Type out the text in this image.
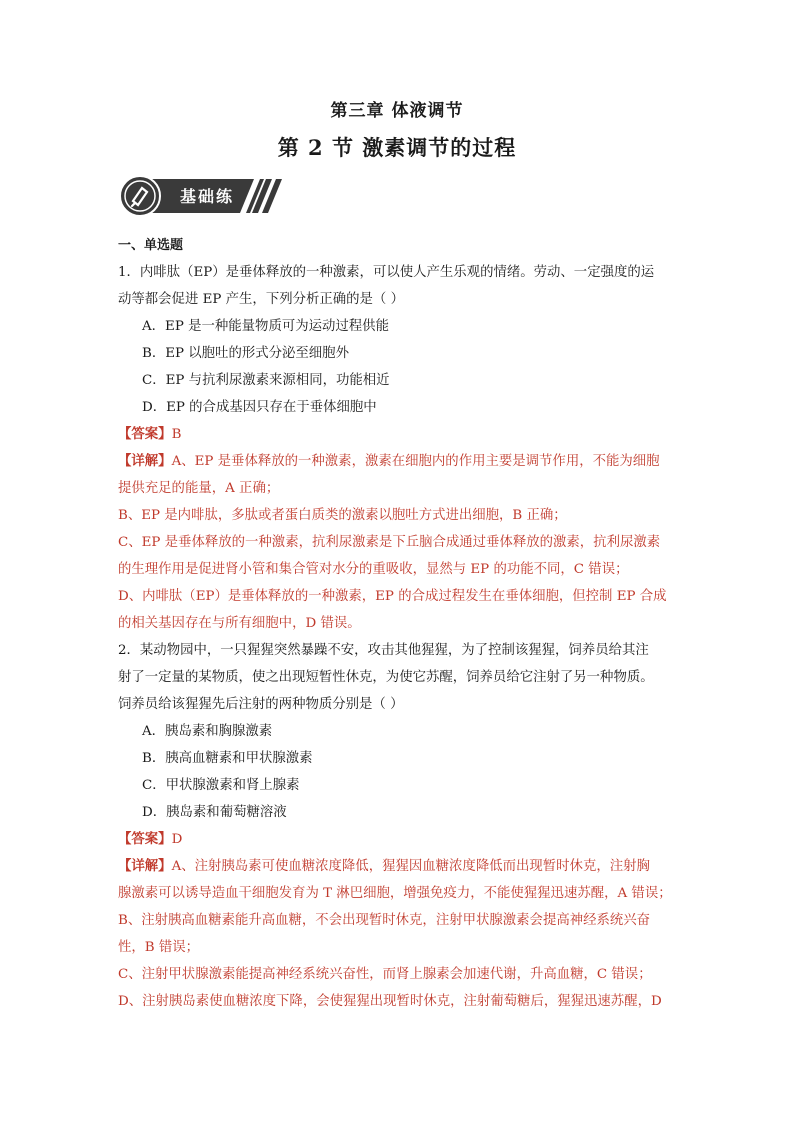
第三章 体液调节
第 2 节 激素调节的过程
基础练
一、单选题
1．内啡肽（EP）是垂体释放的一种激素，可以使人产生乐观的情绪。劳动、一定强度的运
动等都会促进 EP 产生，下列分析正确的是（ ）
A．EP 是一种能量物质可为运动过程供能
B．EP 以胞吐的形式分泌至细胞外
C．EP 与抗利尿激素来源相同，功能相近
D．EP 的合成基因只存在于垂体细胞中
【答案】B
【详解】A、EP 是垂体释放的一种激素，激素在细胞内的作用主要是调节作用，不能为细胞
提供充足的能量，A 正确；
B、EP 是内啡肽，多肽或者蛋白质类的激素以胞吐方式进出细胞，B 正确；
C、EP 是垂体释放的一种激素，抗利尿激素是下丘脑合成通过垂体释放的激素，抗利尿激素
的生理作用是促进肾小管和集合管对水分的重吸收，显然与 EP 的功能不同，C 错误；
D、内啡肽（EP）是垂体释放的一种激素，EP 的合成过程发生在垂体细胞，但控制 EP 合成
的相关基因存在与所有细胞中，D 错误。
2．某动物园中，一只猩猩突然暴躁不安，攻击其他猩猩，为了控制该猩猩，饲养员给其注
射了一定量的某物质，使之出现短暂性休克，为使它苏醒，饲养员给它注射了另一种物质。
饲养员给该猩猩先后注射的两种物质分别是（ ）
A．胰岛素和胸腺激素
B．胰高血糖素和甲状腺激素
C．甲状腺激素和肾上腺素
D．胰岛素和葡萄糖溶液
【答案】D
【详解】A、注射胰岛素可使血糖浓度降低，猩猩因血糖浓度降低而出现暂时休克，注射胸
腺激素可以诱导造血干细胞发育为 T 淋巴细胞，增强免疫力，不能使猩猩迅速苏醒，A 错误；
B、注射胰高血糖素能升高血糖，不会出现暂时休克，注射甲状腺激素会提高神经系统兴奋
性，B 错误；
C、注射甲状腺激素能提高神经系统兴奋性，而肾上腺素会加速代谢，升高血糖，C 错误；
D、注射胰岛素使血糖浓度下降，会使猩猩出现暂时休克，注射葡萄糖后，猩猩迅速苏醒，D
